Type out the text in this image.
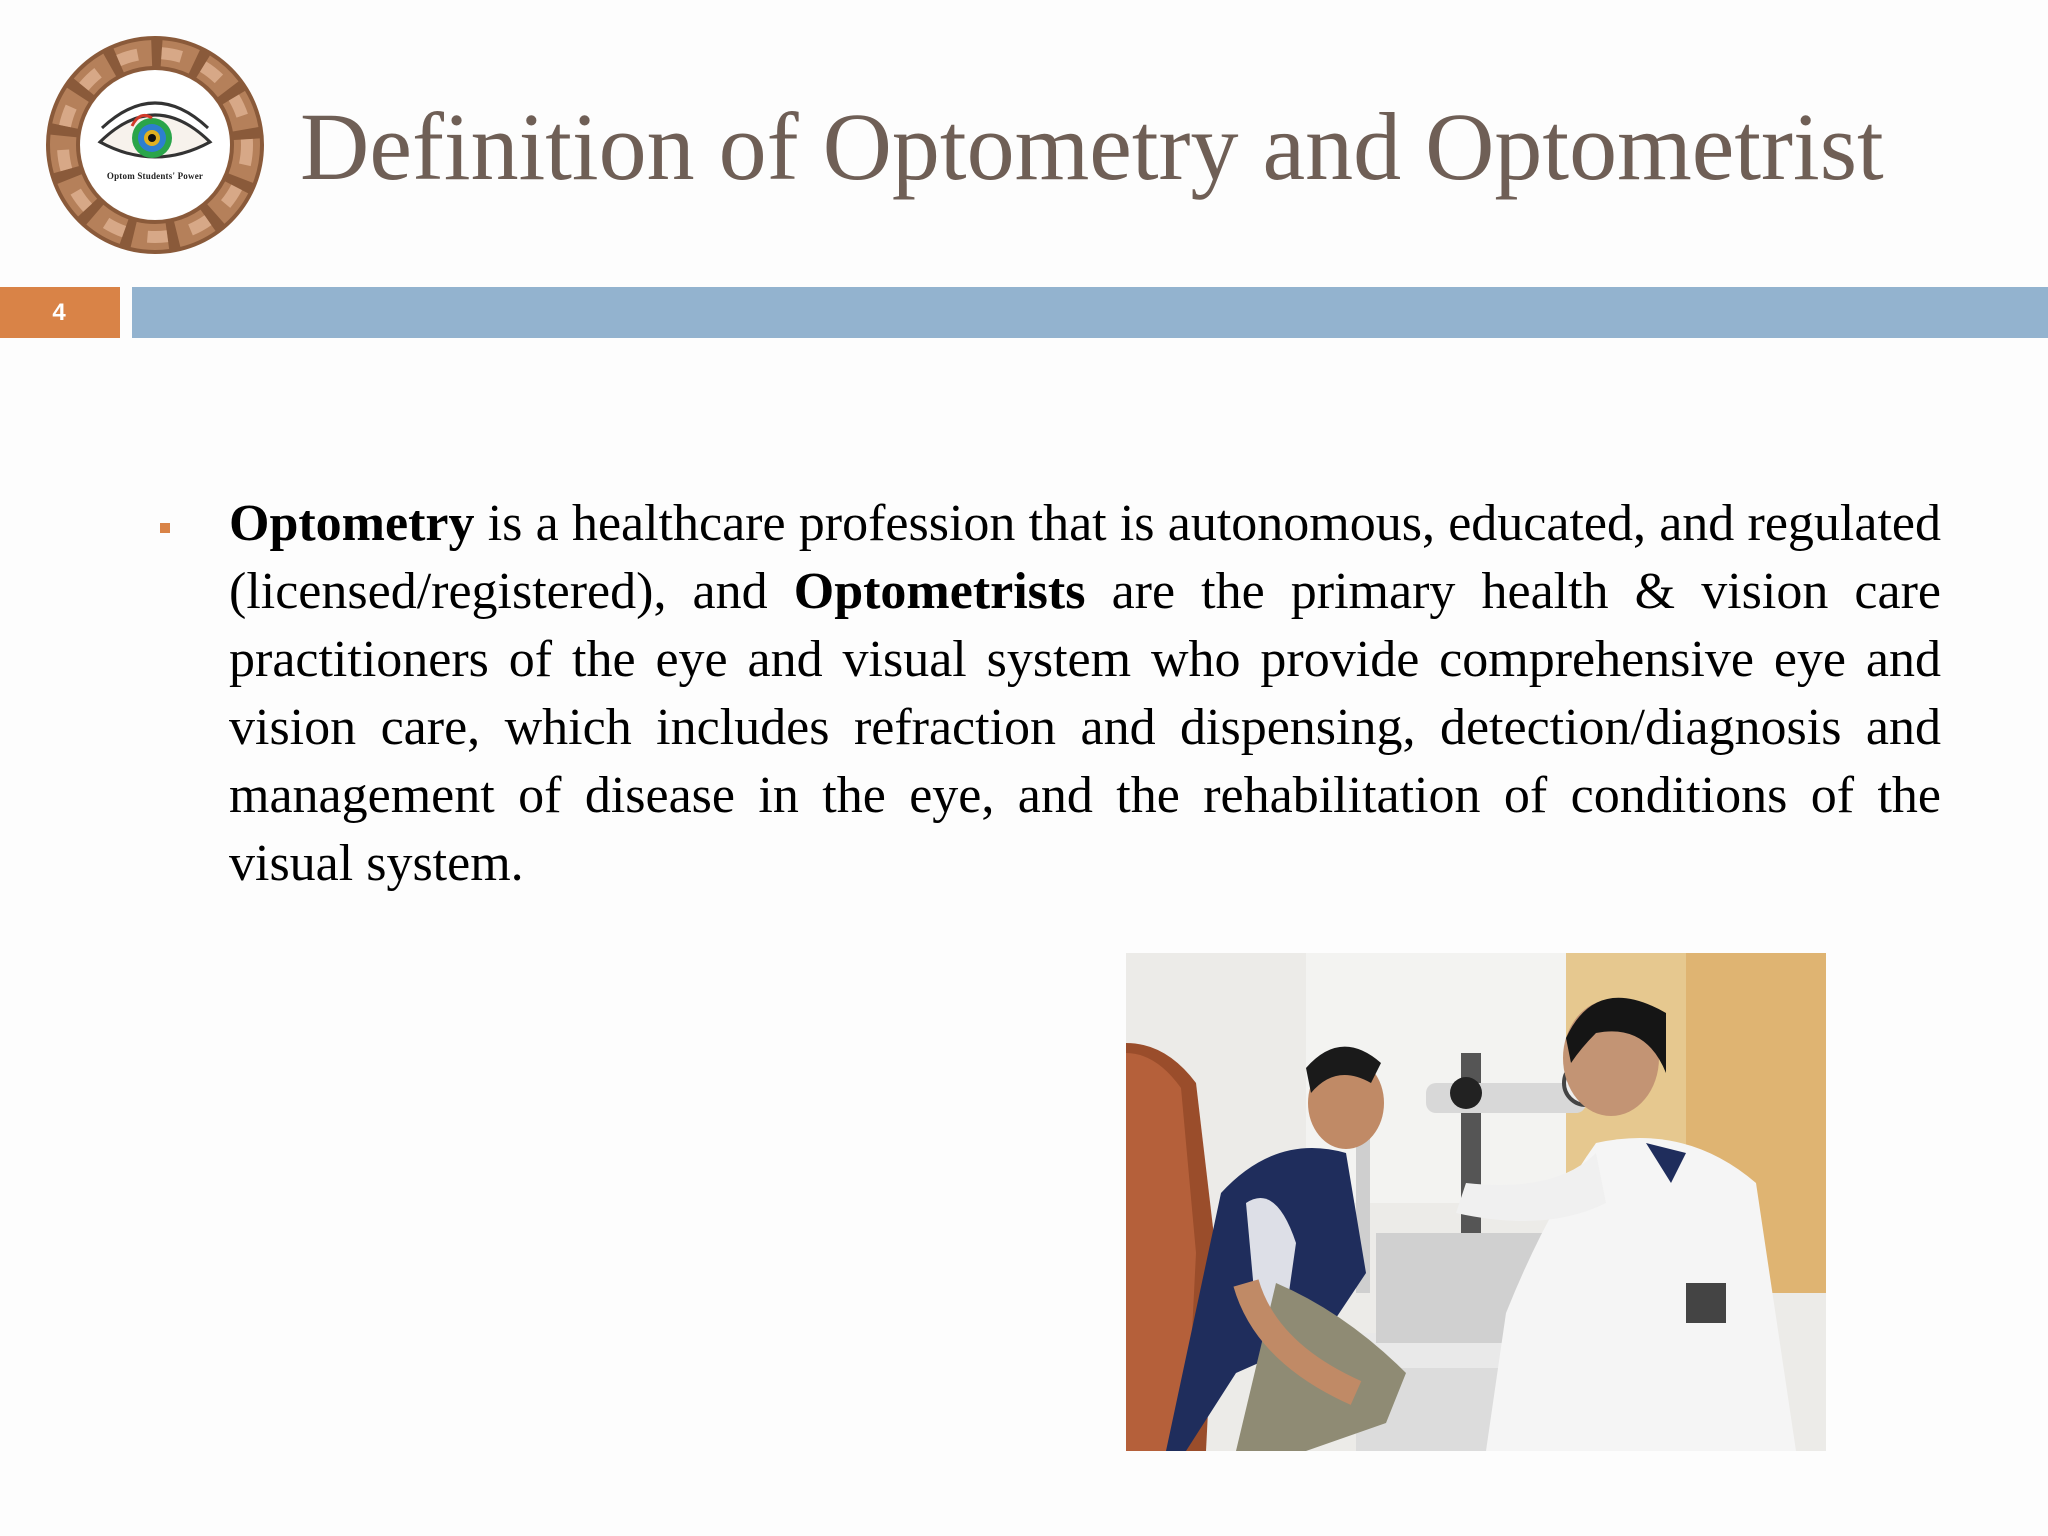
Optom Students' Power	Definition of Optometry and Optometrist
4
Optometry is a healthcare profession that is autonomous, educated, and regulated (licensed/registered), and Optometrists are the primary health & vision care practitioners of the eye and visual system who provide comprehensive eye and vision care, which includes refraction and dispensing, detection/diagnosis and management of disease in the eye, and the rehabilitation of conditions of the visual system.
